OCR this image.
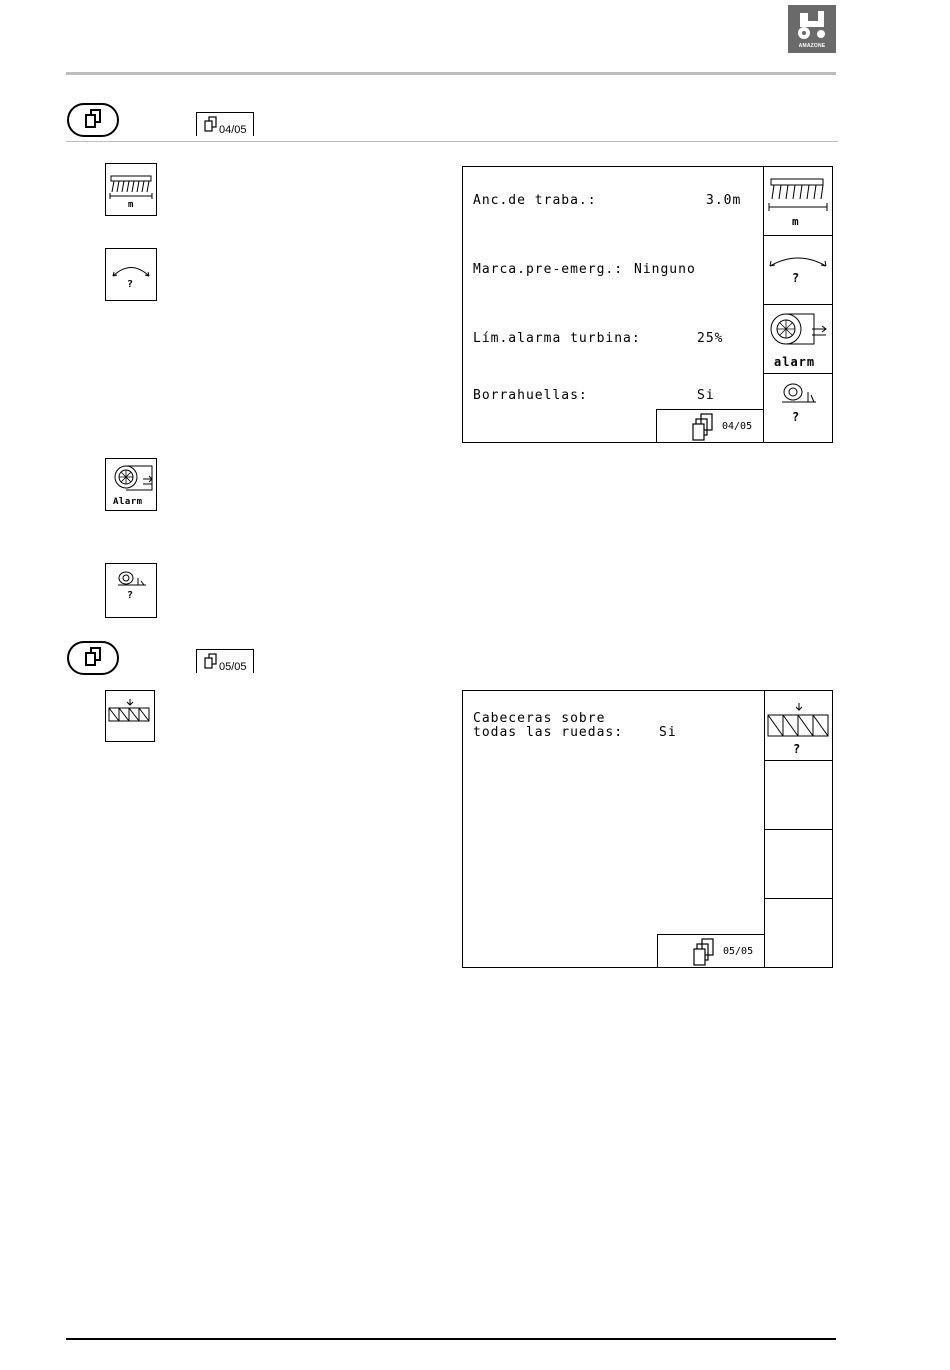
AMAZONE
04/05
m
?
Alarm
?
Anc.de traba.:	3.0m
Marca.pre-emerg.: Ninguno
Lím.alarma turbina:	25%
Borrahuellas:	Si
04/05
m
?
alarm
?
05/05
Cabeceras sobre
todas las ruedas:	Si
05/05
?
